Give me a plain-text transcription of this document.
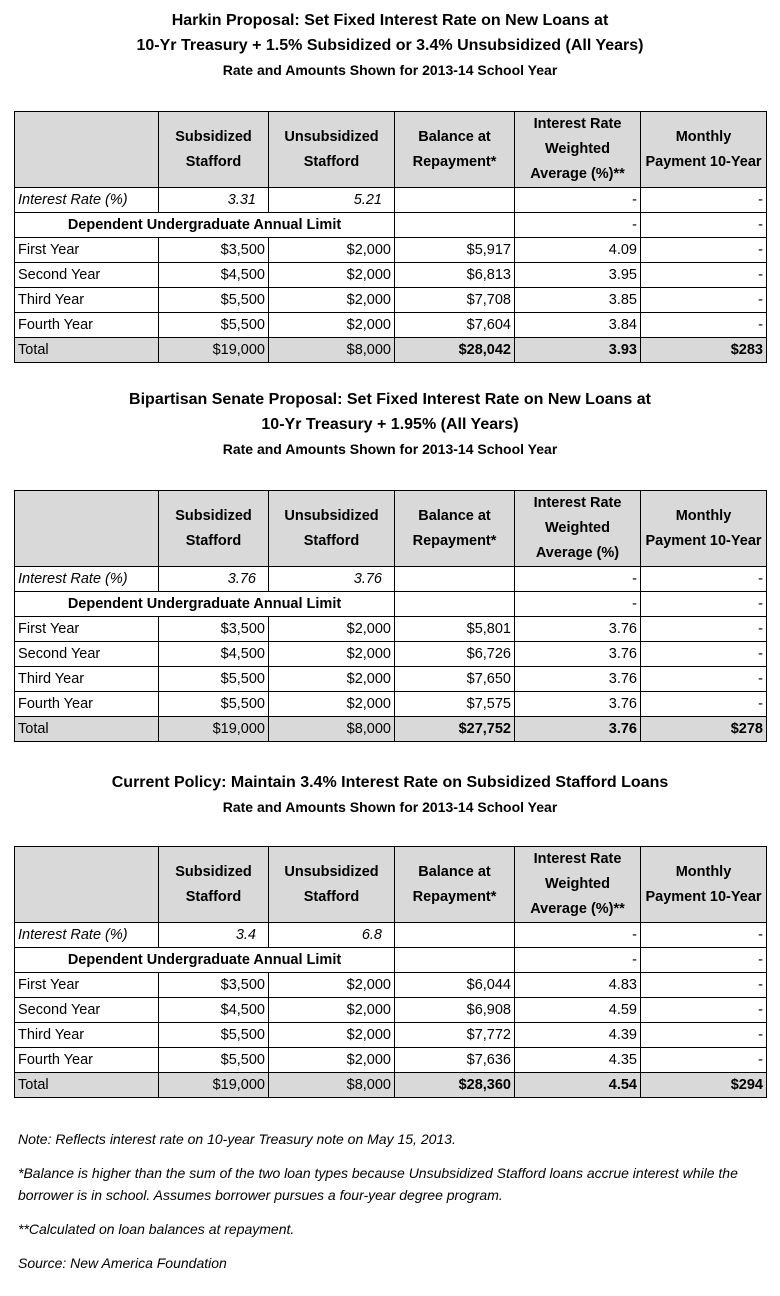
Harkin Proposal: Set Fixed Interest Rate on New Loans at
10-Yr Treasury + 1.5% Subsidized or 3.4% Unsubsidized (All Years)
Rate and Amounts Shown for 2013-14 School Year
	Subsidized Stafford	Unsubsidized Stafford	Balance at Repayment*	Interest Rate Weighted Average (%)**	Monthly Payment 10-Year
Interest Rate (%)	3.31	5.21		-	-
Dependent Undergraduate Annual Limit				-	-
First Year	$3,500	$2,000	$5,917	4.09	-
Second Year	$4,500	$2,000	$6,813	3.95	-
Third Year	$5,500	$2,000	$7,708	3.85	-
Fourth Year	$5,500	$2,000	$7,604	3.84	-
Total	$19,000	$8,000	$28,042	3.93	$283
Bipartisan Senate Proposal: Set Fixed Interest Rate on New Loans at
10-Yr Treasury + 1.95% (All Years)
Rate and Amounts Shown for 2013-14 School Year
	Subsidized Stafford	Unsubsidized Stafford	Balance at Repayment*	Interest Rate Weighted Average (%)	Monthly Payment 10-Year
Interest Rate (%)	3.76	3.76		-	-
Dependent Undergraduate Annual Limit				-	-
First Year	$3,500	$2,000	$5,801	3.76	-
Second Year	$4,500	$2,000	$6,726	3.76	-
Third Year	$5,500	$2,000	$7,650	3.76	-
Fourth Year	$5,500	$2,000	$7,575	3.76	-
Total	$19,000	$8,000	$27,752	3.76	$278
Current Policy: Maintain 3.4% Interest Rate on Subsidized Stafford Loans
Rate and Amounts Shown for 2013-14 School Year
	Subsidized Stafford	Unsubsidized Stafford	Balance at Repayment*	Interest Rate Weighted Average (%)**	Monthly Payment 10-Year
Interest Rate (%)	3.4	6.8		-	-
Dependent Undergraduate Annual Limit				-	-
First Year	$3,500	$2,000	$6,044	4.83	-
Second Year	$4,500	$2,000	$6,908	4.59	-
Third Year	$5,500	$2,000	$7,772	4.39	-
Fourth Year	$5,500	$2,000	$7,636	4.35	-
Total	$19,000	$8,000	$28,360	4.54	$294

Note: Reflects interest rate on 10-year Treasury note on May 15, 2013.

*Balance is higher than the sum of the two loan types because Unsubsidized Stafford loans accrue interest while the borrower is in school. Assumes borrower pursues a four-year degree program.

**Calculated on loan balances at repayment.

Source: New America Foundation
